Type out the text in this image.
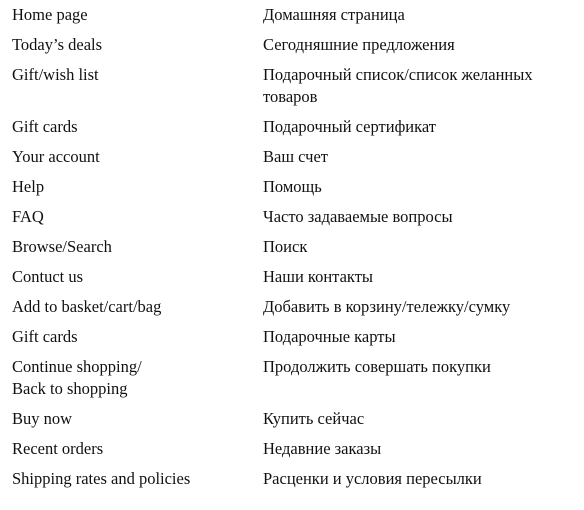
Home page	Домашняя страница

Today’s deals	Сегодняшние предложения

Gift/wish list	Подарочный список/список желанных
товаров

Gift cards	Подарочный сертификат

Your account	Ваш счет

Help	Помощь

FAQ	Часто задаваемые вопросы

Browse/Search	Поиск

Contuct us	Наши контакты

Add to basket/cart/bag	Добавить в корзину/тележку/сумку

Gift cards	Подарочные карты

Continue shopping/
Back to shopping	Продолжить совершать покупки

Buy now	Купить сейчас

Recent orders	Недавние заказы

Shipping rates and policies	Расценки и условия пересылки
